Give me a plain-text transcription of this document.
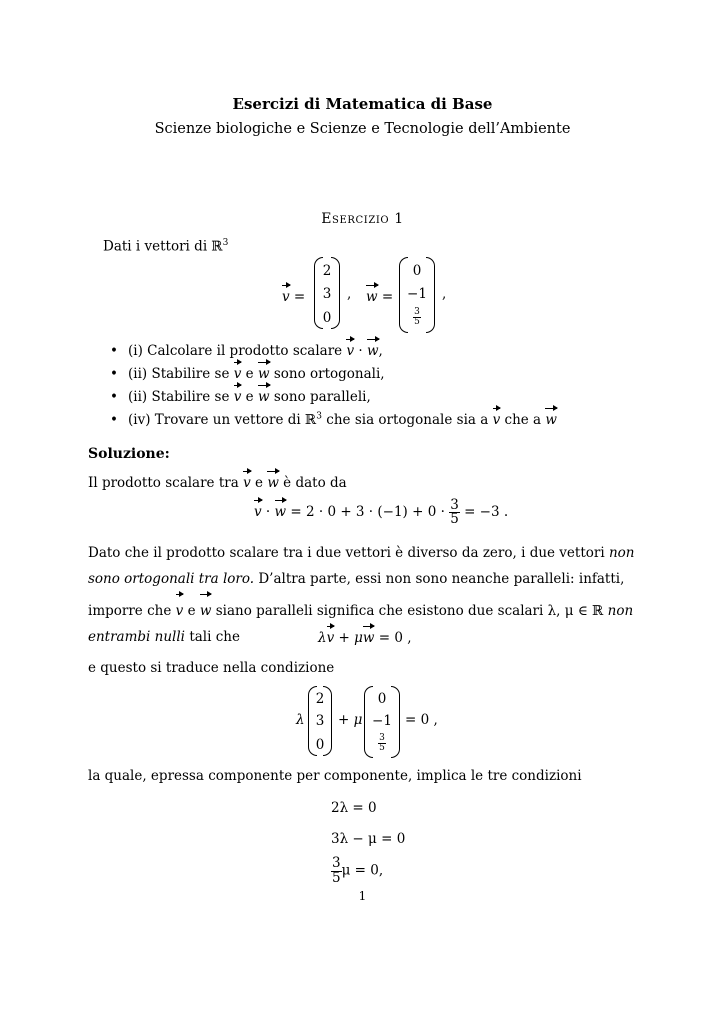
Esercizi di Matematica di Base
Scienze biologiche e Scienze e Tecnologie dell’Ambiente
Esercizio 1
Dati i vettori di ℝ$^3$
v =
2
3
0
, w =
0
−1
$\frac{3}{5}$
,
• (i) Calcolare il prodotto scalare v · w,
• (ii) Stabilire se v e w sono ortogonali,
• (ii) Stabilire se v e w sono paralleli,
• (iv) Trovare un vettore di ℝ$^3$ che sia ortogonale sia a v che a w
Soluzione:
Il prodotto scalare tra v e w è dato da
$v \cdot w = 2 \cdot 0 + 3 \cdot (-1) + 0 \cdot \frac{3}{5} = -3$ .
Dato che il prodotto scalare tra i due vettori è diverso da zero, i due vettori non sono ortogonali tra loro. D’altra parte, essi non sono neanche paralleli: infatti, imporre che v e w siano paralleli significa che esistono due scalari λ, μ ∈ ℝ non entrambi nulli tali che	λv + μw = 0 ,
e questo si traduce nella condizione
λ
2
3
0
+ μ
0
−1
$\frac{3}{5}$
= 0 ,
la quale, epressa componente per componente, implica le tre condizioni
2λ = 0
3λ − μ = 0
$\frac{3}{5}$ μ = 0,
1
